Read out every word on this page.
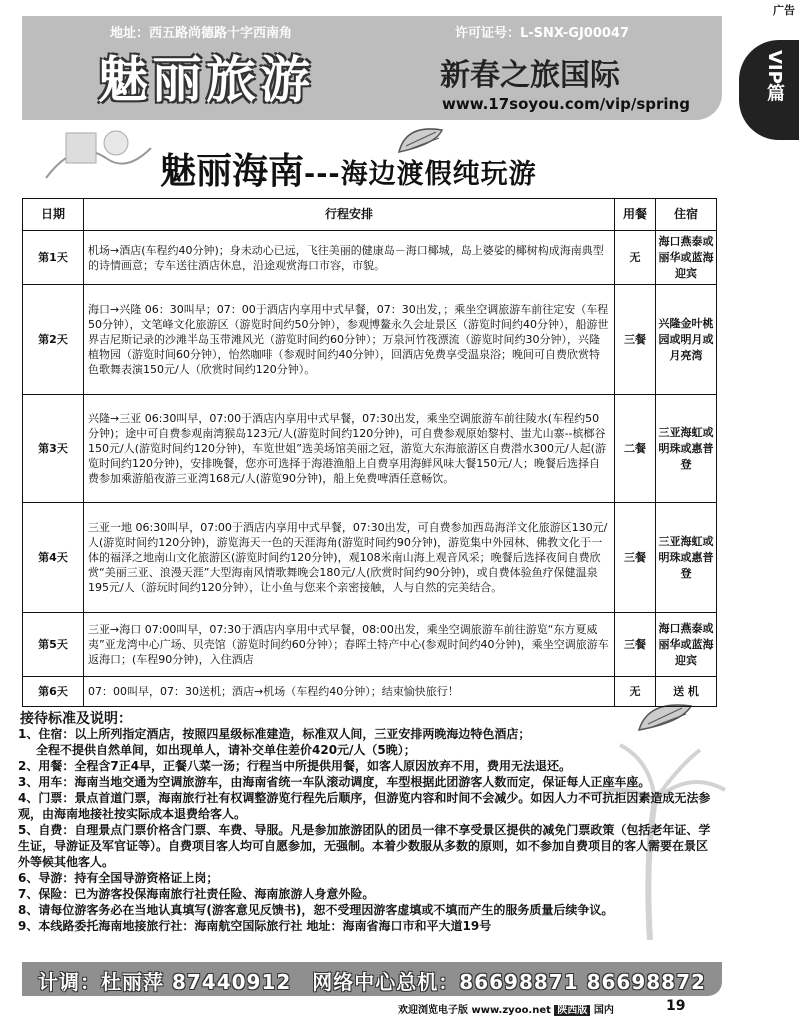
广告
地址：西五路尚德路十字西南角	许可证号：L-SNX-GJ00047
魅丽旅游	新春之旅国际
www.17soyou.com/vip/spring
VIP篇
魅丽海南---海边渡假纯玩游
日期	行程安排	用餐	住宿
第1天	机场→酒店(车程约40分钟)；身未动心已远，飞往美丽的健康岛－海口椰城，岛上婆娑的椰树构成海南典型的诗情画意；专车送往酒店休息，沿途观赏海口市容，市貌。	无	海口燕泰或丽华或蓝海迎宾
第2天	海口→兴隆 06：30叫早；07：00于酒店内享用中式早餐，07：30出发，；乘坐空调旅游车前往定安（车程50分钟），文笔峰文化旅游区（游览时间约50分钟），参观博鳌永久会址景区（游览时间约40分钟），船游世界吉尼斯记录的沙滩半岛玉带滩风光（游览时间约60分钟）；万泉河竹筏漂流（游览时间约30分钟），兴隆植物园（游览时间60分钟），怡然咖啡（参观时间约40分钟），回酒店免费享受温泉浴；晚间可自费欣赏特色歌舞表演150元/人（欣赏时间约120分钟）。	三餐	兴隆金叶桃园或明月或月亮湾
第3天	兴隆→三亚 06:30叫早，07:00于酒店内享用中式早餐，07:30出发，乘坐空调旅游车前往陵水(车程约50分钟)；途中可自费参观南湾猴岛123元/人(游览时间约120分钟)，可自费参观原始黎村、蚩尤山寨--槟榔谷150元/人(游览时间约120分钟)，车览世姐”选美场馆美丽之冠，游览大东海旅游区自费潜水300元/人起(游览时间约120分钟)，安排晚餐，您亦可选择于海港渔船上自费享用海鲜风味大餐150元/人；晚餐后选择自费参加乘游船夜游三亚湾168元/人(游览90分钟)，船上免费啤酒任意畅饮。	二餐	三亚海虹或明珠或惠普登
第4天	三亚一地 06:30叫早，07:00于酒店内享用中式早餐，07:30出发，可自费参加西岛海洋文化旅游区130元/人(游览时间约120分钟)，游览海天一色的天涯海角(游览时间约90分钟)，游览集中外园林、佛教文化于一体的福泽之地南山文化旅游区(游览时间约120分钟)，观108米南山海上观音风采；晚餐后选择夜间自费欣赏“美丽三亚、浪漫天涯”大型海南风情歌舞晚会180元/人(欣赏时间约90分钟)，或自费体验鱼疗保健温泉195元/人（游玩时间约120分钟），让小鱼与您来个亲密接触，人与自然的完美结合。	三餐	三亚海虹或明珠或惠普登
第5天	三亚→海口 07:00叫早，07:30于酒店内享用中式早餐，08:00出发，乘坐空调旅游车前往游览“东方夏威夷”亚龙湾中心广场、贝壳馆（游览时间约60分钟）；春晖土特产中心(参观时间约40分钟)，乘坐空调旅游车返海口；(车程90分钟)，入住酒店	三餐	海口燕泰或丽华或蓝海迎宾
第6天	07：00叫早，07：30送机；酒店→机场（车程约40分钟）；结束愉快旅行！	无	送 机
接待标准及说明：

1、住宿：以上所列指定酒店，按照四星级标准建造，标准双人间，三亚安排两晚海边特色酒店；

全程不提供自然单间，如出现单人，请补交单住差价420元/人（5晚）；

2、用餐：全程含7正4早，正餐八菜一汤；行程当中所提供用餐，如客人原因放弃不用，费用无法退还。

3、用车：海南当地交通为空调旅游车，由海南省统一车队滚动调度，车型根据此团游客人数而定，保证每人正座车座。

4、门票：景点首道门票，海南旅行社有权调整游览行程先后顺序，但游览内容和时间不会减少。如因人力不可抗拒因素造成无法参观，由海南地接社按实际成本退费给客人。

5、自费：自理景点门票价格含门票、车费、导服。凡是参加旅游团队的团员一律不享受景区提供的减免门票政策（包括老年证、学生证，导游证及军官证等）。自费项目客人均可自愿参加，无强制。本着少数服从多数的原则，如不参加自费项目的客人需要在景区外等候其他客人。

6、导游：持有全国导游资格证上岗；

7、保险：已为游客投保海南旅行社责任险、海南旅游人身意外险。

8、请每位游客务必在当地认真填写(游客意见反馈书)，恕不受理因游客虚填或不填而产生的服务质量后续争议。

9、本线路委托海南地接旅行社：海南航空国际旅行社 地址：海南省海口市和平大道19号

计调：杜丽萍 87440912　网络中心总机：86698871 86698872
欢迎浏览电子版 www.zyoo.net 陕西版 国内	19
